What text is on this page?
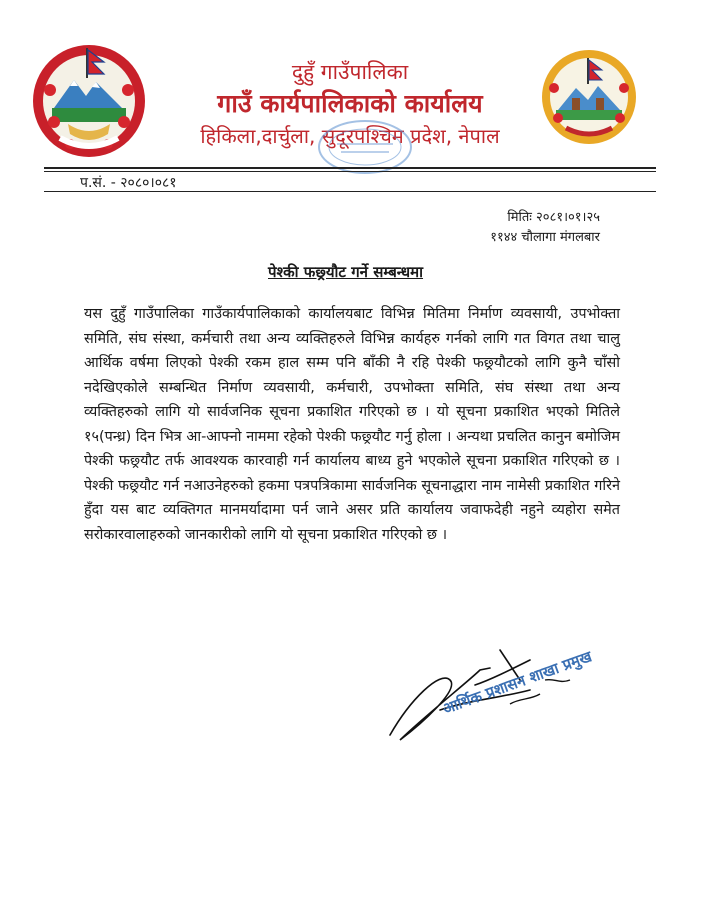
दुहुँ गाउँपालिका
गाउँ कार्यपालिकाको कार्यालय
हिकिला,दार्चुला, सुदूरपश्चिम प्रदेश, नेपाल
प.सं. - २०८०।०८१
मितिः २०८१।०१।२५
११४४ चौलागा मंगलबार
पेश्की फछ्र्यौट गर्ने सम्बन्धमा
यस दुहुँ गाउँपालिका गाउँकार्यपालिकाको कार्यालयबाट विभिन्न मितिमा निर्माण व्यवसायी, उपभोक्ता समिति, संघ संस्था, कर्मचारी तथा अन्य व्यक्तिहरुले विभिन्न कार्यहरु गर्नको लागि गत विगत तथा चालु आर्थिक वर्षमा लिएको पेश्की रकम हाल सम्म पनि बाँकी नै रहि पेश्की फछ्र्यौटको लागि कुनै चाँसो नदेखिएकोले सम्बन्धित निर्माण व्यवसायी, कर्मचारी, उपभोक्ता समिति, संघ संस्था तथा अन्य व्यक्तिहरुको लागि यो सार्वजनिक सूचना प्रकाशित गरिएको छ । यो सूचना प्रकाशित भएको मितिले १५(पन्ध्र) दिन भित्र आ-आफ्नो नाममा रहेको पेश्की फछ्र्यौट गर्नु होला । अन्यथा प्रचलित कानुन बमोजिम पेश्की फछ्र्यौट तर्फ आवश्यक कारवाही गर्न कार्यालय बाध्य हुने भएकोले सूचना प्रकाशित गरिएको छ । पेश्की फछ्र्यौट गर्न नआउनेहरुको हकमा पत्रपत्रिकामा सार्वजनिक सूचनाद्धारा नाम नामेसी प्रकाशित गरिने हुँदा यस बाट व्यक्तिगत मानमर्यादामा पर्न जाने असर प्रति कार्यालय जवाफदेही नहुने व्यहोरा समेत सरोकारवालाहरुको जानकारीको लागि यो सूचना प्रकाशित गरिएको छ ।
आर्थिक प्रशासन शाखा प्रमुख
